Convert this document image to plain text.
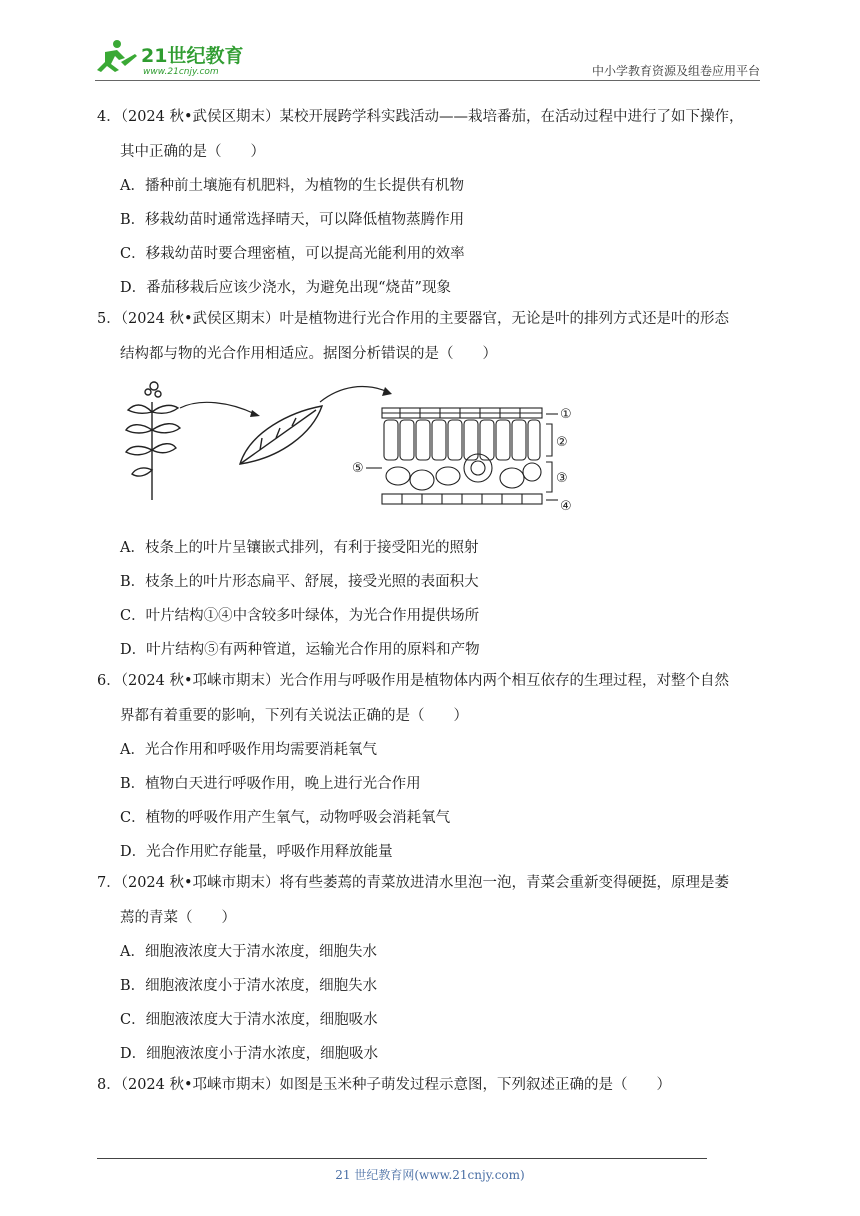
21世纪教育
www.21cnjy.com	中小学教育资源及组卷应用平台
4．（2024 秋•武侯区期末）某校开展跨学科实践活动——栽培番茄，在活动过程中进行了如下操作，
其中正确的是（　　）
A．播种前土壤施有机肥料，为植物的生长提供有机物
B．移栽幼苗时通常选择晴天，可以降低植物蒸腾作用
C．移栽幼苗时要合理密植，可以提高光能利用的效率
D．番茄移栽后应该少浇水，为避免出现“烧苗”现象
5．（2024 秋•武侯区期末）叶是植物进行光合作用的主要器官，无论是叶的排列方式还是叶的形态
结构都与物的光合作用相适应。据图分析错误的是（　　）
①
②
③
④
⑤
A．枝条上的叶片呈镶嵌式排列，有利于接受阳光的照射
B．枝条上的叶片形态扁平、舒展，接受光照的表面积大
C．叶片结构①④中含较多叶绿体，为光合作用提供场所
D．叶片结构⑤有两种管道，运输光合作用的原料和产物
6．（2024 秋•邛崃市期末）光合作用与呼吸作用是植物体内两个相互依存的生理过程，对整个自然
界都有着重要的影响，下列有关说法正确的是（　　）
A．光合作用和呼吸作用均需要消耗氧气
B．植物白天进行呼吸作用，晚上进行光合作用
C．植物的呼吸作用产生氧气，动物呼吸会消耗氧气
D．光合作用贮存能量，呼吸作用释放能量
7．（2024 秋•邛崃市期末）将有些萎蔫的青菜放进清水里泡一泡，青菜会重新变得硬挺，原理是萎
蔫的青菜（　　）
A．细胞液浓度大于清水浓度，细胞失水
B．细胞液浓度小于清水浓度，细胞失水
C．细胞液浓度大于清水浓度，细胞吸水
D．细胞液浓度小于清水浓度，细胞吸水
8．（2024 秋•邛崃市期末）如图是玉米种子萌发过程示意图，下列叙述正确的是（　　）
21 世纪教育网(www.21cnjy.com)
